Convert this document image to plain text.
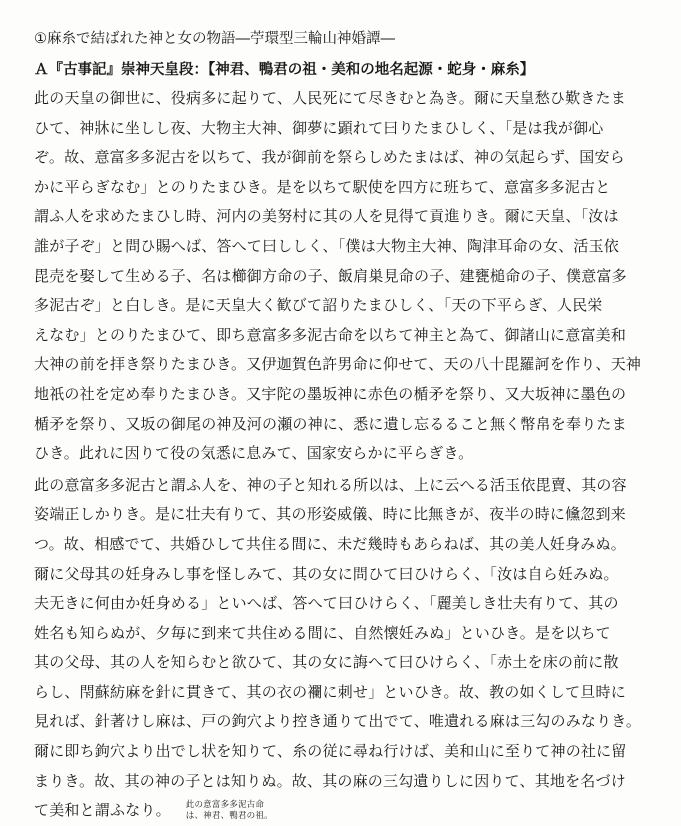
①麻糸で結ばれた神と女の物語―苧環型三輪山神婚譚―
Ａ『古事記』崇神天皇段：【神君、鴨君の祖・美和の地名起源・蛇身・麻糸】
此の天皇の御世に、役病多に起りて、人民死にて尽きむと為き。爾に天皇愁ひ歎きたま
ひて、神牀に坐しし夜、大物主大神、御夢に顕れて曰りたまひしく、「是は我が御心
ぞ。故、意富多多泥古を以ちて、我が御前を祭らしめたまはば、神の気起らず、国安ら
かに平らぎなむ」とのりたまひき。是を以ちて駅使を四方に班ちて、意富多多泥古と
謂ふ人を求めたまひし時、河内の美努村に其の人を見得て貢進りき。爾に天皇、「汝は
誰が子ぞ」と問ひ賜へば、答へて曰ししく、「僕は大物主大神、陶津耳命の女、活玉依
毘売を娶して生める子、名は櫛御方命の子、飯肩巣見命の子、建甕槌命の子、僕意富多
多泥古ぞ」と白しき。是に天皇大く歓びて詔りたまひしく、「天の下平らぎ、人民栄
えなむ」とのりたまひて、即ち意富多多泥古命を以ちて神主と為て、御諸山に意富美和
大神の前を拝き祭りたまひき。又伊迦賀色許男命に仰せて、天の八十毘羅訶を作り、天神
地祇の社を定め奉りたまひき。又宇陀の墨坂神に赤色の楯矛を祭り、又大坂神に墨色の
楯矛を祭り、又坂の御尾の神及河の瀬の神に、悉に遺し忘るること無く幣帛を奉りたま
ひき。此れに因りて役の気悉に息みて、国家安らかに平らぎき。
此の意富多多泥古と謂ふ人を、神の子と知れる所以は、上に云へる活玉依毘賣、其の容
姿端正しかりき。是に壮夫有りて、其の形姿威儀、時に比無きが、夜半の時に儵忽到来
つ。故、相感でて、共婚ひして共住る間に、未だ幾時もあらねば、其の美人妊身みぬ。
爾に父母其の妊身みし事を怪しみて、其の女に問ひて曰ひけらく、「汝は自ら妊みぬ。
夫无きに何由か妊身める」といへば、答へて曰ひけらく、「麗美しき壮夫有りて、其の
姓名も知らぬが、夕毎に到来て共住める間に、自然懐妊みぬ」といひき。是を以ちて
其の父母、其の人を知らむと欲ひて、其の女に誨へて曰ひけらく、「赤土を床の前に散
らし、閇蘇紡麻を針に貫きて、其の衣の襴に刺せ」といひき。故、教の如くして旦時に
見れば、針著けし麻は、戸の鉤穴より控き通りて出でて、唯遺れる麻は三勾のみなりき。
爾に即ち鉤穴より出でし状を知りて、糸の従に尋ね行けば、美和山に至りて神の社に留
まりき。故、其の神の子とは知りぬ。故、其の麻の三勾遺りしに因りて、其地を名づけ
て美和と謂ふなり。 此の意富多多泥古命
は、神君、鴨君の祖。
